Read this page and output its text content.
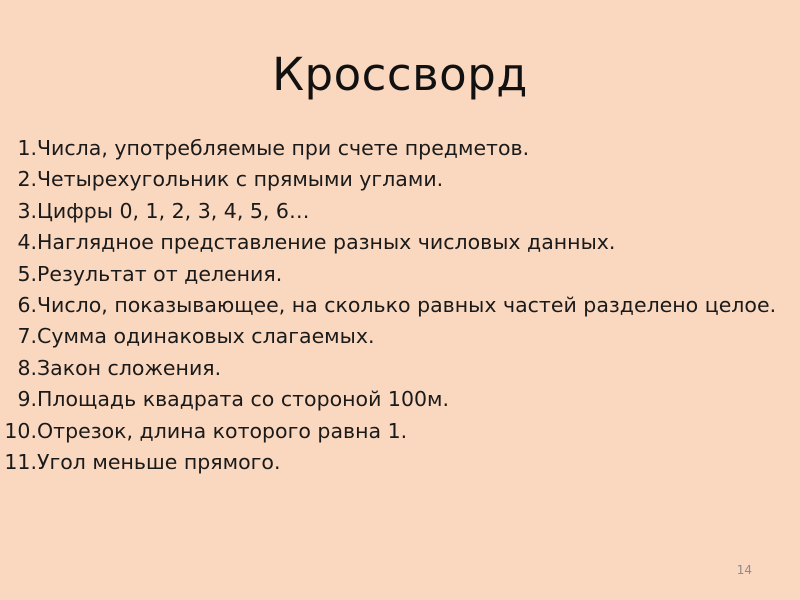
Кроссворд
1. Числа, употребляемые при счете предметов.
2. Четырехугольник с прямыми углами.
3. Цифры 0, 1, 2, 3, 4, 5, 6…
4. Наглядное представление разных числовых данных.
5. Результат от деления.
6. Число, показывающее, на сколько равных частей разделено целое.
7. Сумма одинаковых слагаемых.
8. Закон сложения.
9. Площадь квадрата со стороной 100м.
10. Отрезок, длина которого равна 1.
11. Угол меньше прямого.
14
